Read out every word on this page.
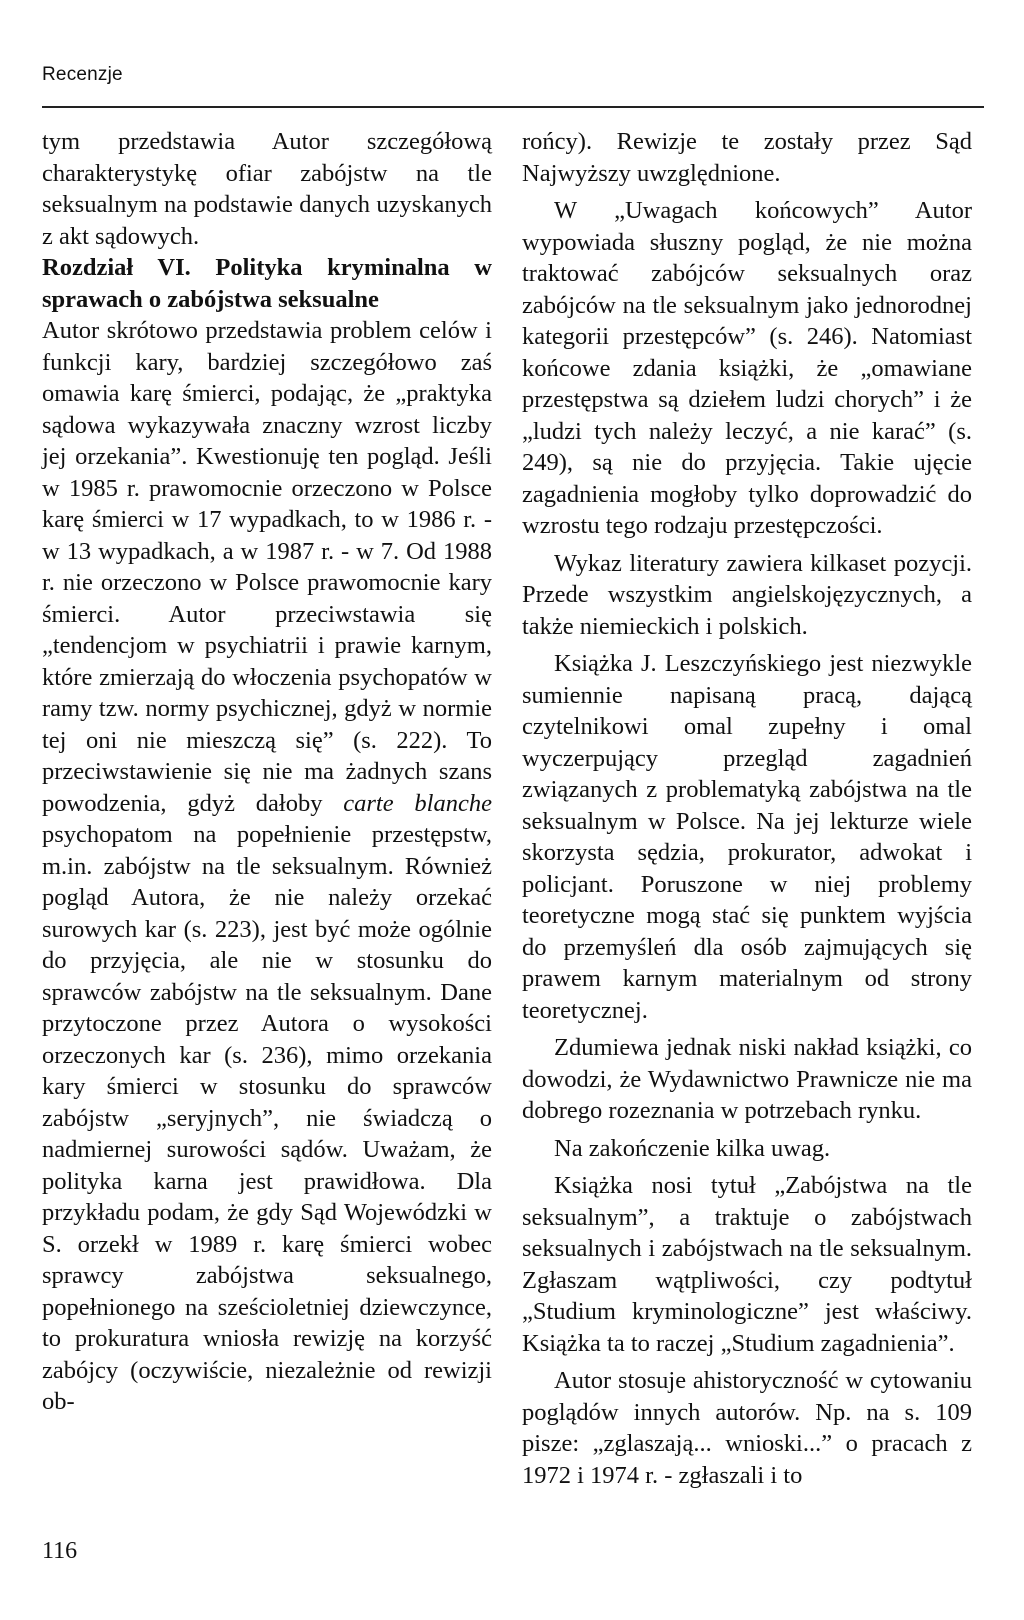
Recenzje

tym przedstawia Autor szczegółową charakterystykę ofiar zabójstw na tle seksualnym na podstawie danych uzyskanych z akt sądowych.

Rozdział VI. Polityka kryminalna w sprawach o zabójstwa seksualne

Autor skrótowo przedstawia problem celów i funkcji kary, bardziej szczegółowo zaś omawia karę śmierci, podając, że „praktyka sądowa wykazywała znaczny wzrost liczby jej orzekania”. Kwestionuję ten pogląd. Jeśli w 1985 r. prawomocnie orzeczono w Polsce karę śmierci w 17 wypadkach, to w 1986 r. - w 13 wypadkach, a w 1987 r. - w 7. Od 1988 r. nie orzeczono w Polsce prawomocnie kary śmierci. Autor przeciwstawia się „tendencjom w psychiatrii i prawie karnym, które zmierzają do włoczenia psychopatów w ramy tzw. normy psychicznej, gdyż w normie tej oni nie mieszczą się” (s. 222). To przeciwstawienie się nie ma żadnych szans powodzenia, gdyż dałoby carte blanche psychopatom na popełnienie przestępstw, m.in. zabójstw na tle seksualnym. Również pogląd Autora, że nie należy orzekać surowych kar (s. 223), jest być może ogólnie do przyjęcia, ale nie w stosunku do sprawców zabójstw na tle seksualnym. Dane przytoczone przez Autora o wysokości orzeczonych kar (s. 236), mimo orzekania kary śmierci w stosunku do sprawców zabójstw „seryjnych”, nie świadczą o nadmiernej surowości sądów. Uważam, że polityka karna jest prawidłowa. Dla przykładu podam, że gdy Sąd Wojewódzki w S. orzekł w 1989 r. karę śmierci wobec sprawcy zabójstwa seksualnego, popełnionego na sześcioletniej dziewczynce, to prokuratura wniosła rewizję na korzyść zabójcy (oczywiście, niezależnie od rewizji ob-

rońcy). Rewizje te zostały przez Sąd Najwyższy uwzględnione.

W „Uwagach końcowych” Autor wypowiada słuszny pogląd, że nie można traktować zabójców seksualnych oraz zabójców na tle seksualnym jako jednorodnej kategorii przestępców” (s. 246). Natomiast końcowe zdania książki, że „omawiane przestępstwa są dziełem ludzi chorych” i że „ludzi tych należy leczyć, a nie karać” (s. 249), są nie do przyjęcia. Takie ujęcie zagadnienia mogłoby tylko doprowadzić do wzrostu tego rodzaju przestępczości.

Wykaz literatury zawiera kilkaset pozycji. Przede wszystkim angielskojęzycznych, a także niemieckich i polskich.

Książka J. Leszczyńskiego jest niezwykle sumiennie napisaną pracą, dającą czytelnikowi omal zupełny i omal wyczerpujący przegląd zagadnień związanych z problematyką zabójstwa na tle seksualnym w Polsce. Na jej lekturze wiele skorzysta sędzia, prokurator, adwokat i policjant. Poruszone w niej problemy teoretyczne mogą stać się punktem wyjścia do przemyśleń dla osób zajmujących się prawem karnym materialnym od strony teoretycznej.

Zdumiewa jednak niski nakład książki, co dowodzi, że Wydawnictwo Prawnicze nie ma dobrego rozeznania w potrzebach rynku.

Na zakończenie kilka uwag.

Książka nosi tytuł „Zabójstwa na tle seksualnym”, a traktuje o zabójstwach seksualnych i zabójstwach na tle seksualnym. Zgłaszam wątpliwości, czy podtytuł „Studium kryminologiczne” jest właściwy. Książka ta to raczej „Studium zagadnienia”.

Autor stosuje ahistoryczność w cytowaniu poglądów innych autorów. Np. na s. 109 pisze: „zglaszają... wnioski...” o pracach z 1972 i 1974 r. - zgłaszali i to

116
